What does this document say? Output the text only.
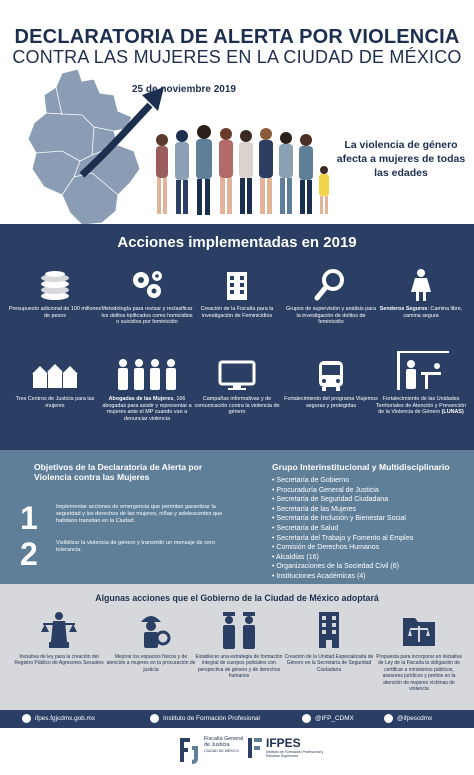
DECLARATORIA DE ALERTA POR VIOLENCIA
CONTRA LAS MUJERES EN LA CIUDAD DE MÉXICO
25 de noviembre 2019
La violencia de género afecta a mujeres de todas las edades
Acciones implementadas en 2019
Presupuesto adicional de 100 millones de pesos
Metodología para revisar y reclasificar los delitos tipificados como homicidios o suicidios por feminicidio
Creación de la Fiscalía para la investigación de Feminicidios
Grupos de supervisión y análisis para la investigación de delitos de feminicidio
Senderos Seguros: Camina libre, camina segura
Tres Centros de Justicia para las mujeres
Abogadas de las Mujeres, 166 abogadas para asistir y representar a mujeres ante el MP cuando van a denunciar violencia
Campañas informativas y de comunicación contra la violencia de género
Fortalecimiento del programa Viajemos seguras y protegidas
Fortalecimiento de las Unidades Territoriales de Atención y Prevención de la Violencia de Género (LUNAS)
Objetivos de la Declaratoria de Alerta por Violencia contra las Mujeres
1	Implementar acciones de emergencia que permitan garantizar la seguridad y los derechos de las mujeres, niñas y adolescentes que habitano transitan en la Ciudad.
2	Visibilizar la violencia de género y transmitir un mensaje de cero tolerancia.
Grupo Interinstitucional y Multidisciplinario
• Secretaría de Gobierno
• Procuraduría General de Justicia
• Secretaría de Seguridad Ciudadana
• Secretaría de las Mujeres
• Secretaría de Inclusión y Bienestar Social
• Secretaría de Salud
• Secretaría del Trabajo y Fomento al Empleo
• Comisión de Derechos Humanos
• Alcaldías (16)
• Organizaciones de la Sociedad Civil (6)
• Instituciones Académicas (4)
Algunas acciones que el Gobierno de la Ciudad de México adoptará
Iniciativa de ley para la creación del Registro Público de Agresores Sexuales
Mejorar los espacios físicos y de atención a mujeres en la procuración de justicia
Establecer una estrategia de formación integral de cuerpos policiales con perspectiva de género y de derechos humanos
Creación de la Unidad Especializada de Género en la Secretaría de Seguridad Ciudadana
Propuesta para incorporar en iniciativa de Ley de la Fiscalía la obligación de certificar a ministerios públicos, asesores jurídicos y peritos en la atención de mujeres víctimas de violencia
ifpes.fgjcdmx.gob.mx	Instituto de Formación Profesional	@IFP_CDMX	@ifpescdmx
Fiscalía General de Justicia
CIUDAD DE MÉXICO
IFPES
Instituto de Formación Profesional y Estudios Superiores
